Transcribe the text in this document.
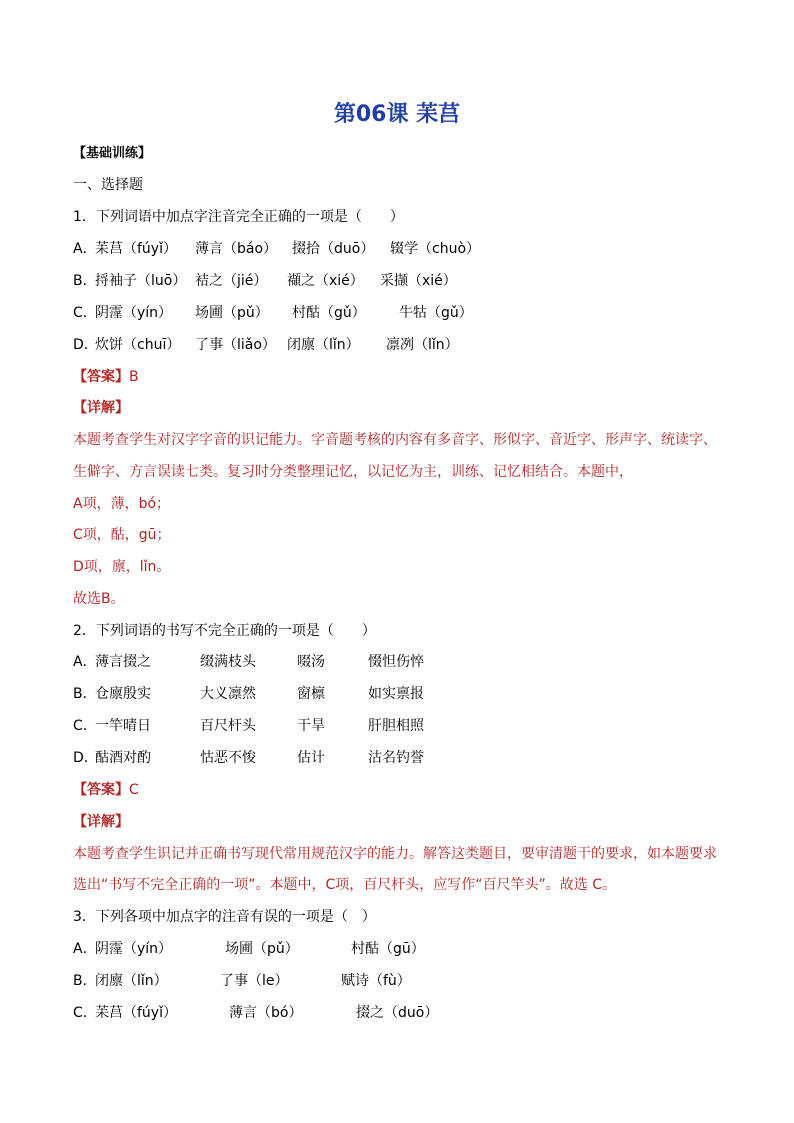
第06课 苿莒
【基础训练】
一、选择题
1．下列词语中加点字注音完全正确的一项是（　　）
A．
苿莒（fúyǐ） 薄言（báo） 掇拾（duō） 辍学（chuò）
B．
捋袖子（luō） 袺之（jié） 襭之（xié） 采撷（xié）
C．
阴霪（yín） 场圃（pǔ） 村酤（gǔ） 牛牯（gǔ）
D．
炊饼（chuī） 了事（liǎo） 闭廪（lǐn） 凛冽（lǐn）
【答案】B
【详解】
本题考查学生对汉字字音的识记能力。字音题考核的内容有多音字、形似字、音近字、形声字、统读字、
生僻字、方言误读七类。复习时分类整理记忆，以记忆为主，训练、记忆相结合。本题中，
A项，薄，bó；
C项，酤，gū；
D项，廪，lǐn。
故选B。
2．下列词语的书写不完全正确的一项是（　　）
A．
薄言掇之	缀满枝头	啜汤	惙怛伤悴
B．
仓廪殷实	大义凛然	窗檩	如实禀报
C．
一竿晴日	百尺杆头	干旱	肝胆相照
D．
酤酒对酌	怙恶不悛	估计	沽名钓誉
【答案】C
【详解】
本题考查学生识记并正确书写现代常用规范汉字的能力。解答这类题目，要审清题干的要求，如本题要求
选出“书写不完全正确的一项”。本题中，C项，百尺杆头，应写作“百尺竿头”。故选 C。
3．下列各项中加点字的注音有误的一项是（　）
A．
阴霪（yín）	场圃（pǔ）	村酤（gū）
B．
闭廪（lǐn）	了事（le）	赋诗（fù）
C．
苿莒（fúyǐ）	薄言（bó）	掇之（duō）
